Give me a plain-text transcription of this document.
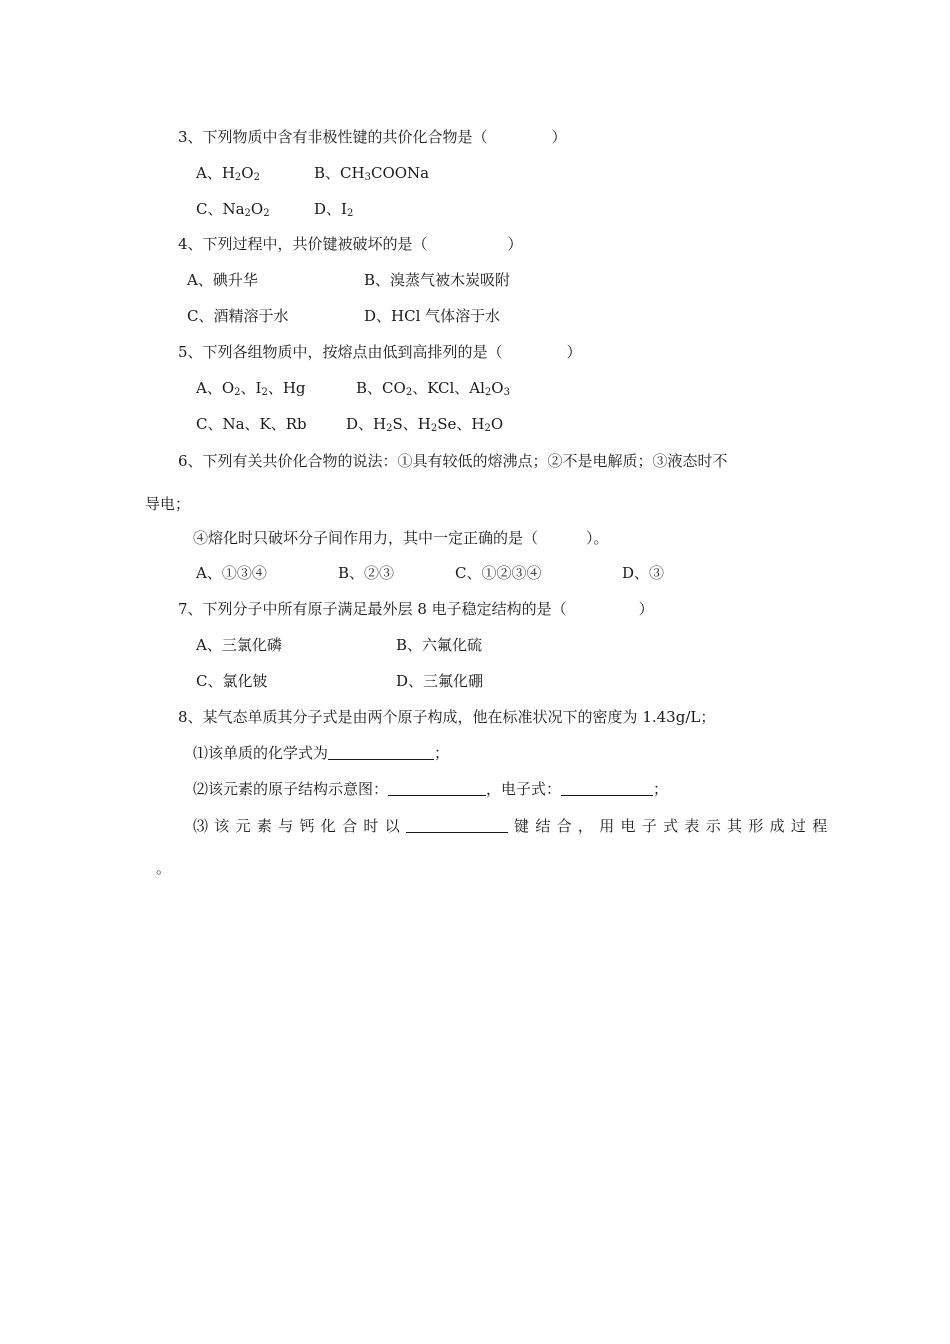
3、下列物质中含有非极性键的共价化合物是（	）
A、$H_2O_2$	B、$CH_3COONa$
C、$Na_2O_2$	D、$I_2$
4、下列过程中，共价键被破坏的是（	）
A、碘升华	B、溴蒸气被木炭吸附
C、酒精溶于水	D、HCl 气体溶于水
5、下列各组物质中，按熔点由低到高排列的是（	）
A、$O_2$、$I_2$、Hg	B、$CO_2$、KCl、$Al_2O_3$
C、Na、K、Rb	D、$H_2S$、$H_2Se$、$H_2O$
6、下列有关共价化合物的说法：①具有较低的熔沸点；②不是电解质；③液态时不
导电；
④熔化时只破坏分子间作用力，其中一定正确的是（	）。
A、①③④	B、②③	C、①②③④	D、③
7、下列分子中所有原子满足最外层 8 电子稳定结构的是（	）
A、三氯化磷	B、六氟化硫
C、氯化铍	D、三氟化硼
8、某气态单质其分子式是由两个原子构成，他在标准状况下的密度为 1.43g/L；
⑴该单质的化学式为	；
⑵该元素的原子结构示意图：	，电子式：	；
⑶该元素与钙化合时以	键结合，用电子式表示其形成过程
。
